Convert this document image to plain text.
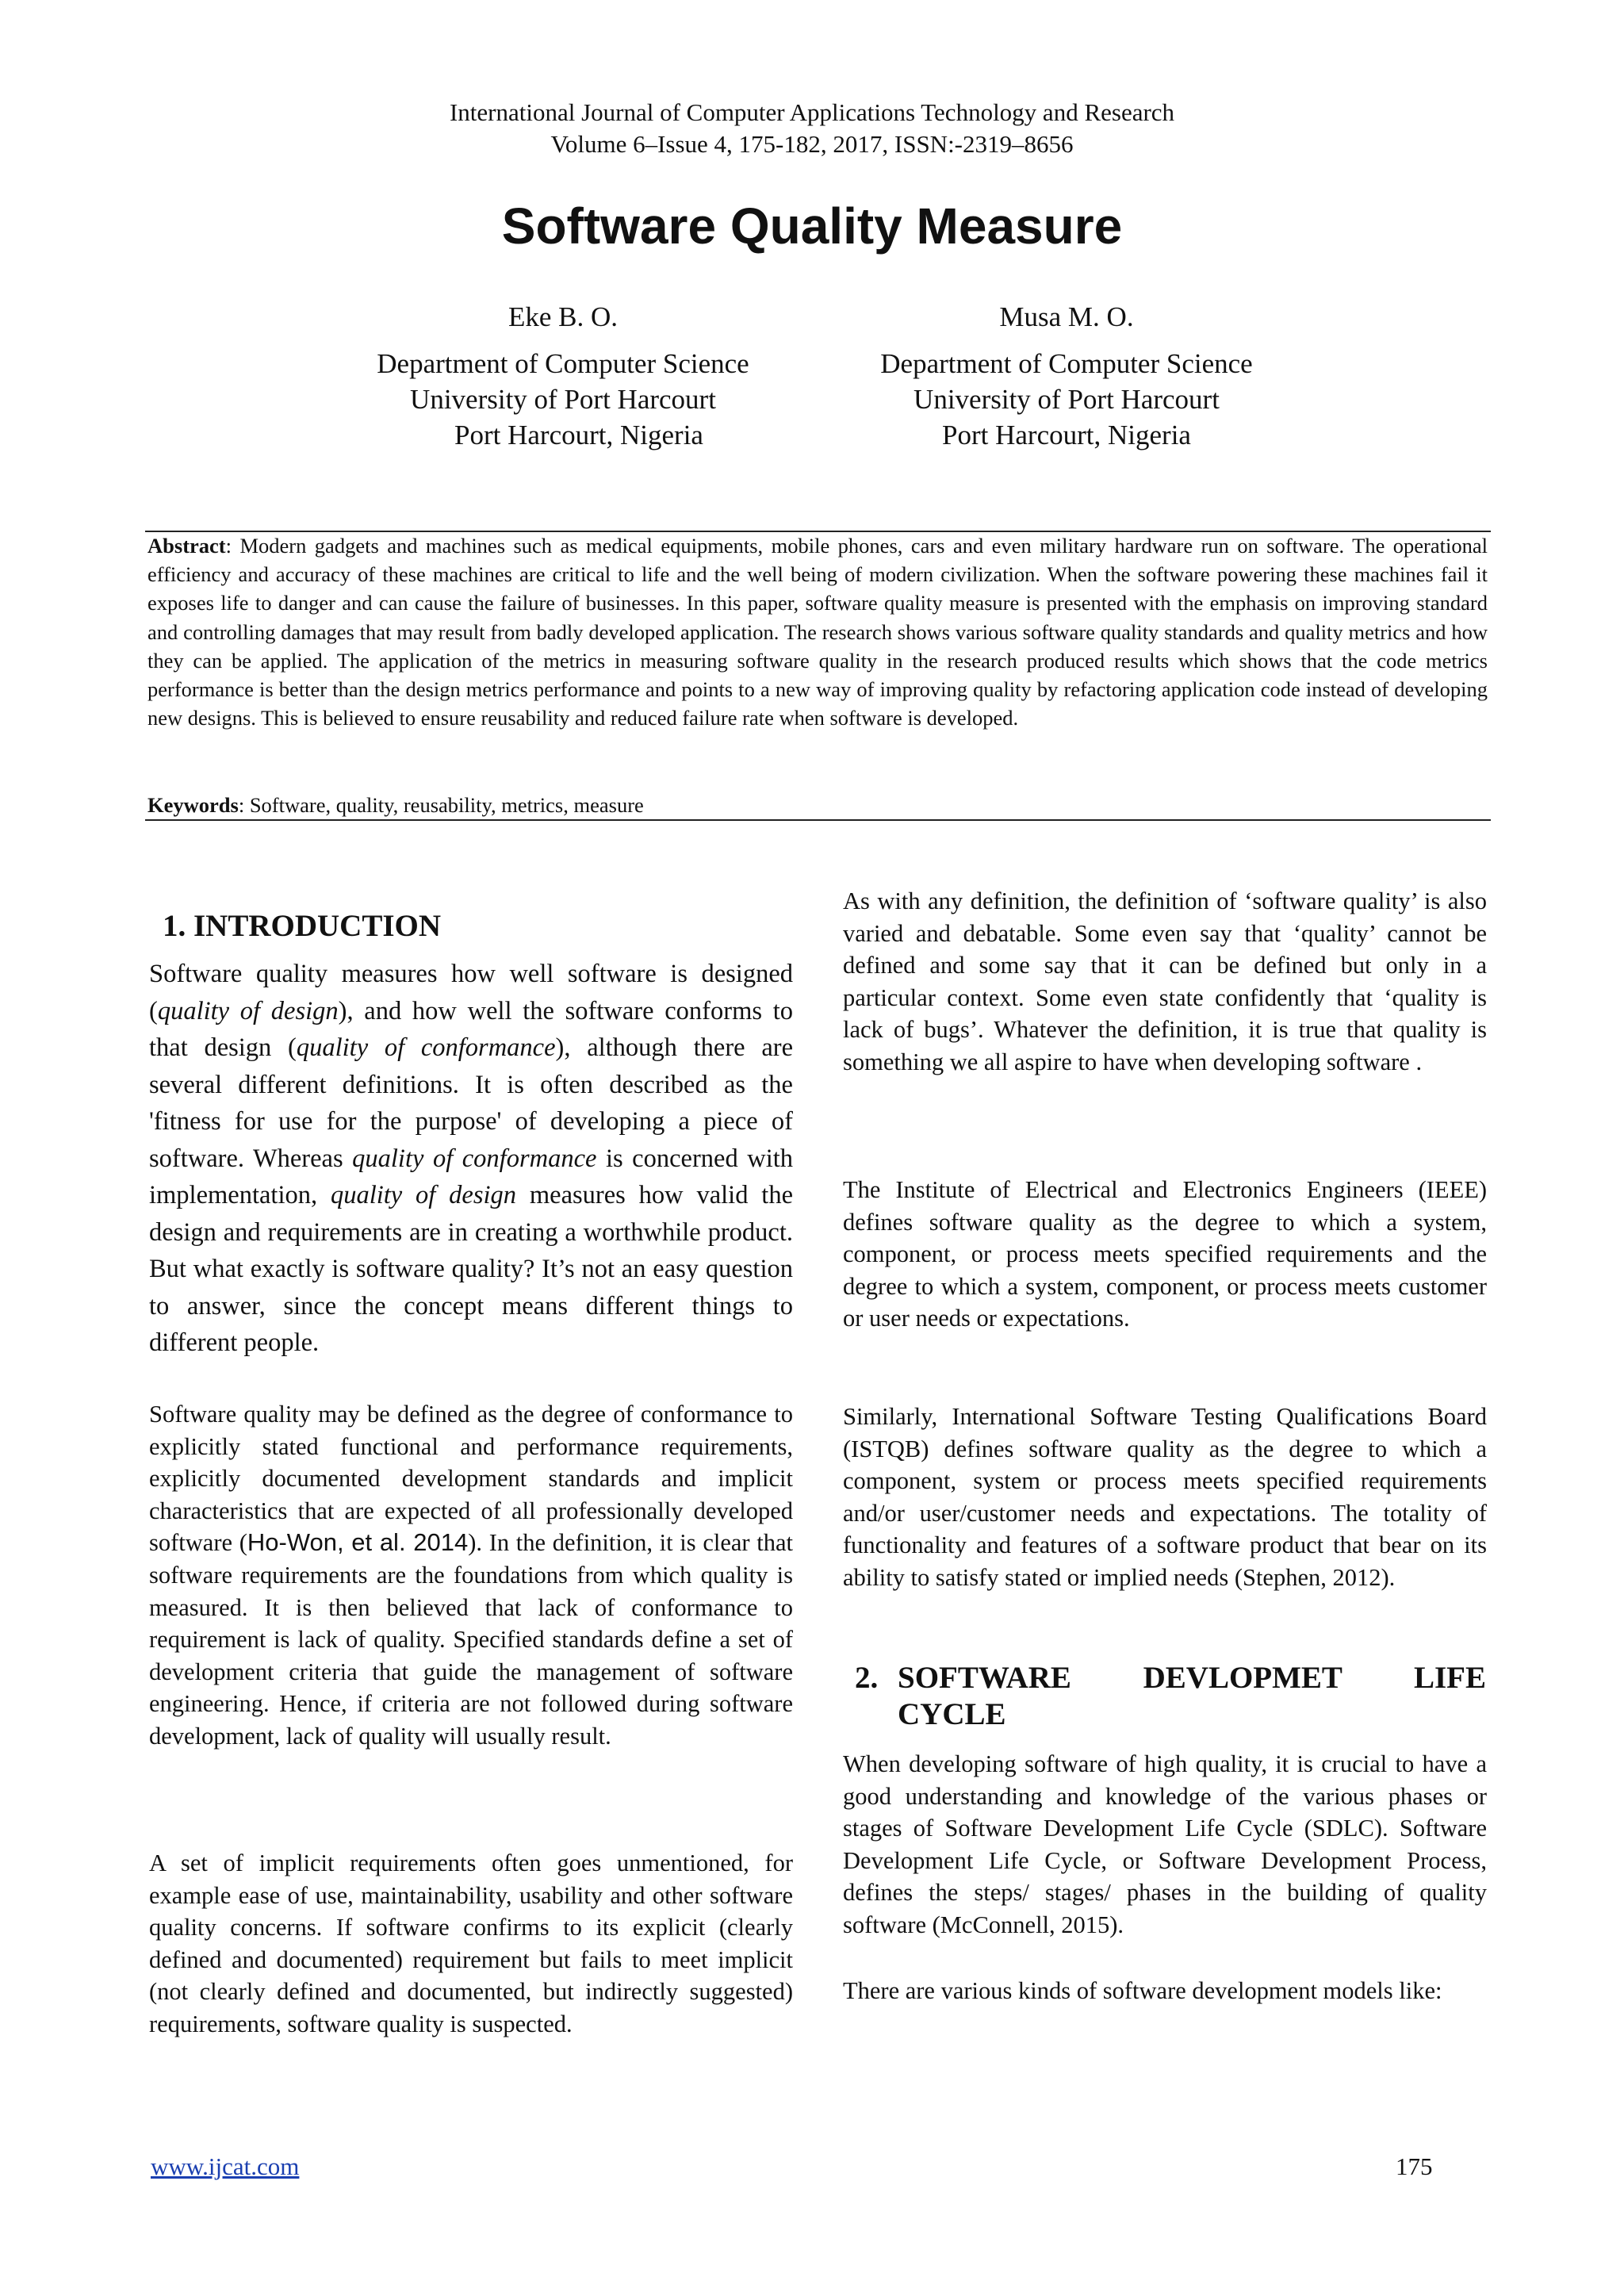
International Journal of Computer Applications Technology and Research
Volume 6–Issue 4, 175-182, 2017, ISSN:-2319–8656
Software Quality Measure
Eke B. O.
Department of Computer Science
University of Port Harcourt
Port Harcourt, Nigeria
Musa M. O.
Department of Computer Science
University of Port Harcourt
Port Harcourt, Nigeria
Abstract: Modern gadgets and machines such as medical equipments, mobile phones, cars and even military hardware run on software. The operational efficiency and accuracy of these machines are critical to life and the well being of modern civilization. When the software powering these machines fail it exposes life to danger and can cause the failure of businesses. In this paper, software quality measure is presented with the emphasis on improving standard and controlling damages that may result from badly developed application. The research shows various software quality standards and quality metrics and how they can be applied. The application of the metrics in measuring software quality in the research produced results which shows that the code metrics performance is better than the design metrics performance and points to a new way of improving quality by refactoring application code instead of developing new designs. This is believed to ensure reusability and reduced failure rate when software is developed.
Keywords: Software, quality, reusability, metrics, measure
1. INTRODUCTION
Software quality measures how well software is designed (quality of design), and how well the software conforms to that design (quality of conformance), although there are several different definitions. It is often described as the 'fitness for use for the purpose' of developing a piece of software. Whereas quality of conformance is concerned with implementation, quality of design measures how valid the design and requirements are in creating a worthwhile product. But what exactly is software quality? It’s not an easy question to answer, since the concept means different things to different people.
Software quality may be defined as the degree of conformance to explicitly stated functional and performance requirements, explicitly documented development standards and implicit characteristics that are expected of all professionally developed software (Ho-Won, et al. 2014). In the definition, it is clear that software requirements are the foundations from which quality is measured. It is then believed that lack of conformance to requirement is lack of quality. Specified standards define a set of development criteria that guide the management of software engineering. Hence, if criteria are not followed during software development, lack of quality will usually result.
A set of implicit requirements often goes unmentioned, for example ease of use, maintainability, usability and other software quality concerns. If software confirms to its explicit (clearly defined and documented) requirement but fails to meet implicit (not clearly defined and documented, but indirectly suggested) requirements, software quality is suspected.
As with any definition, the definition of ‘software quality’ is also varied and debatable. Some even say that ‘quality’ cannot be defined and some say that it can be defined but only in a particular context. Some even state confidently that ‘quality is lack of bugs’. Whatever the definition, it is true that quality is something we all aspire to have when developing software .
The Institute of Electrical and Electronics Engineers (IEEE) defines software quality as the degree to which a system, component, or process meets specified requirements and the degree to which a system, component, or process meets customer or user needs or expectations.
Similarly, International Software Testing Qualifications Board (ISTQB) defines software quality as the degree to which a component, system or process meets specified requirements and/or user/customer needs and expectations. The totality of functionality and features of a software product that bear on its ability to satisfy stated or implied needs (Stephen, 2012).
2. SOFTWARE DEVLOPMET LIFE
CYCLE
When developing software of high quality, it is crucial to have a good understanding and knowledge of the various phases or stages of Software Development Life Cycle (SDLC). Software Development Life Cycle, or Software Development Process, defines the steps/ stages/ phases in the building of quality software (McConnell, 2015).
There are various kinds of software development models like:
www.ijcat.com	175
